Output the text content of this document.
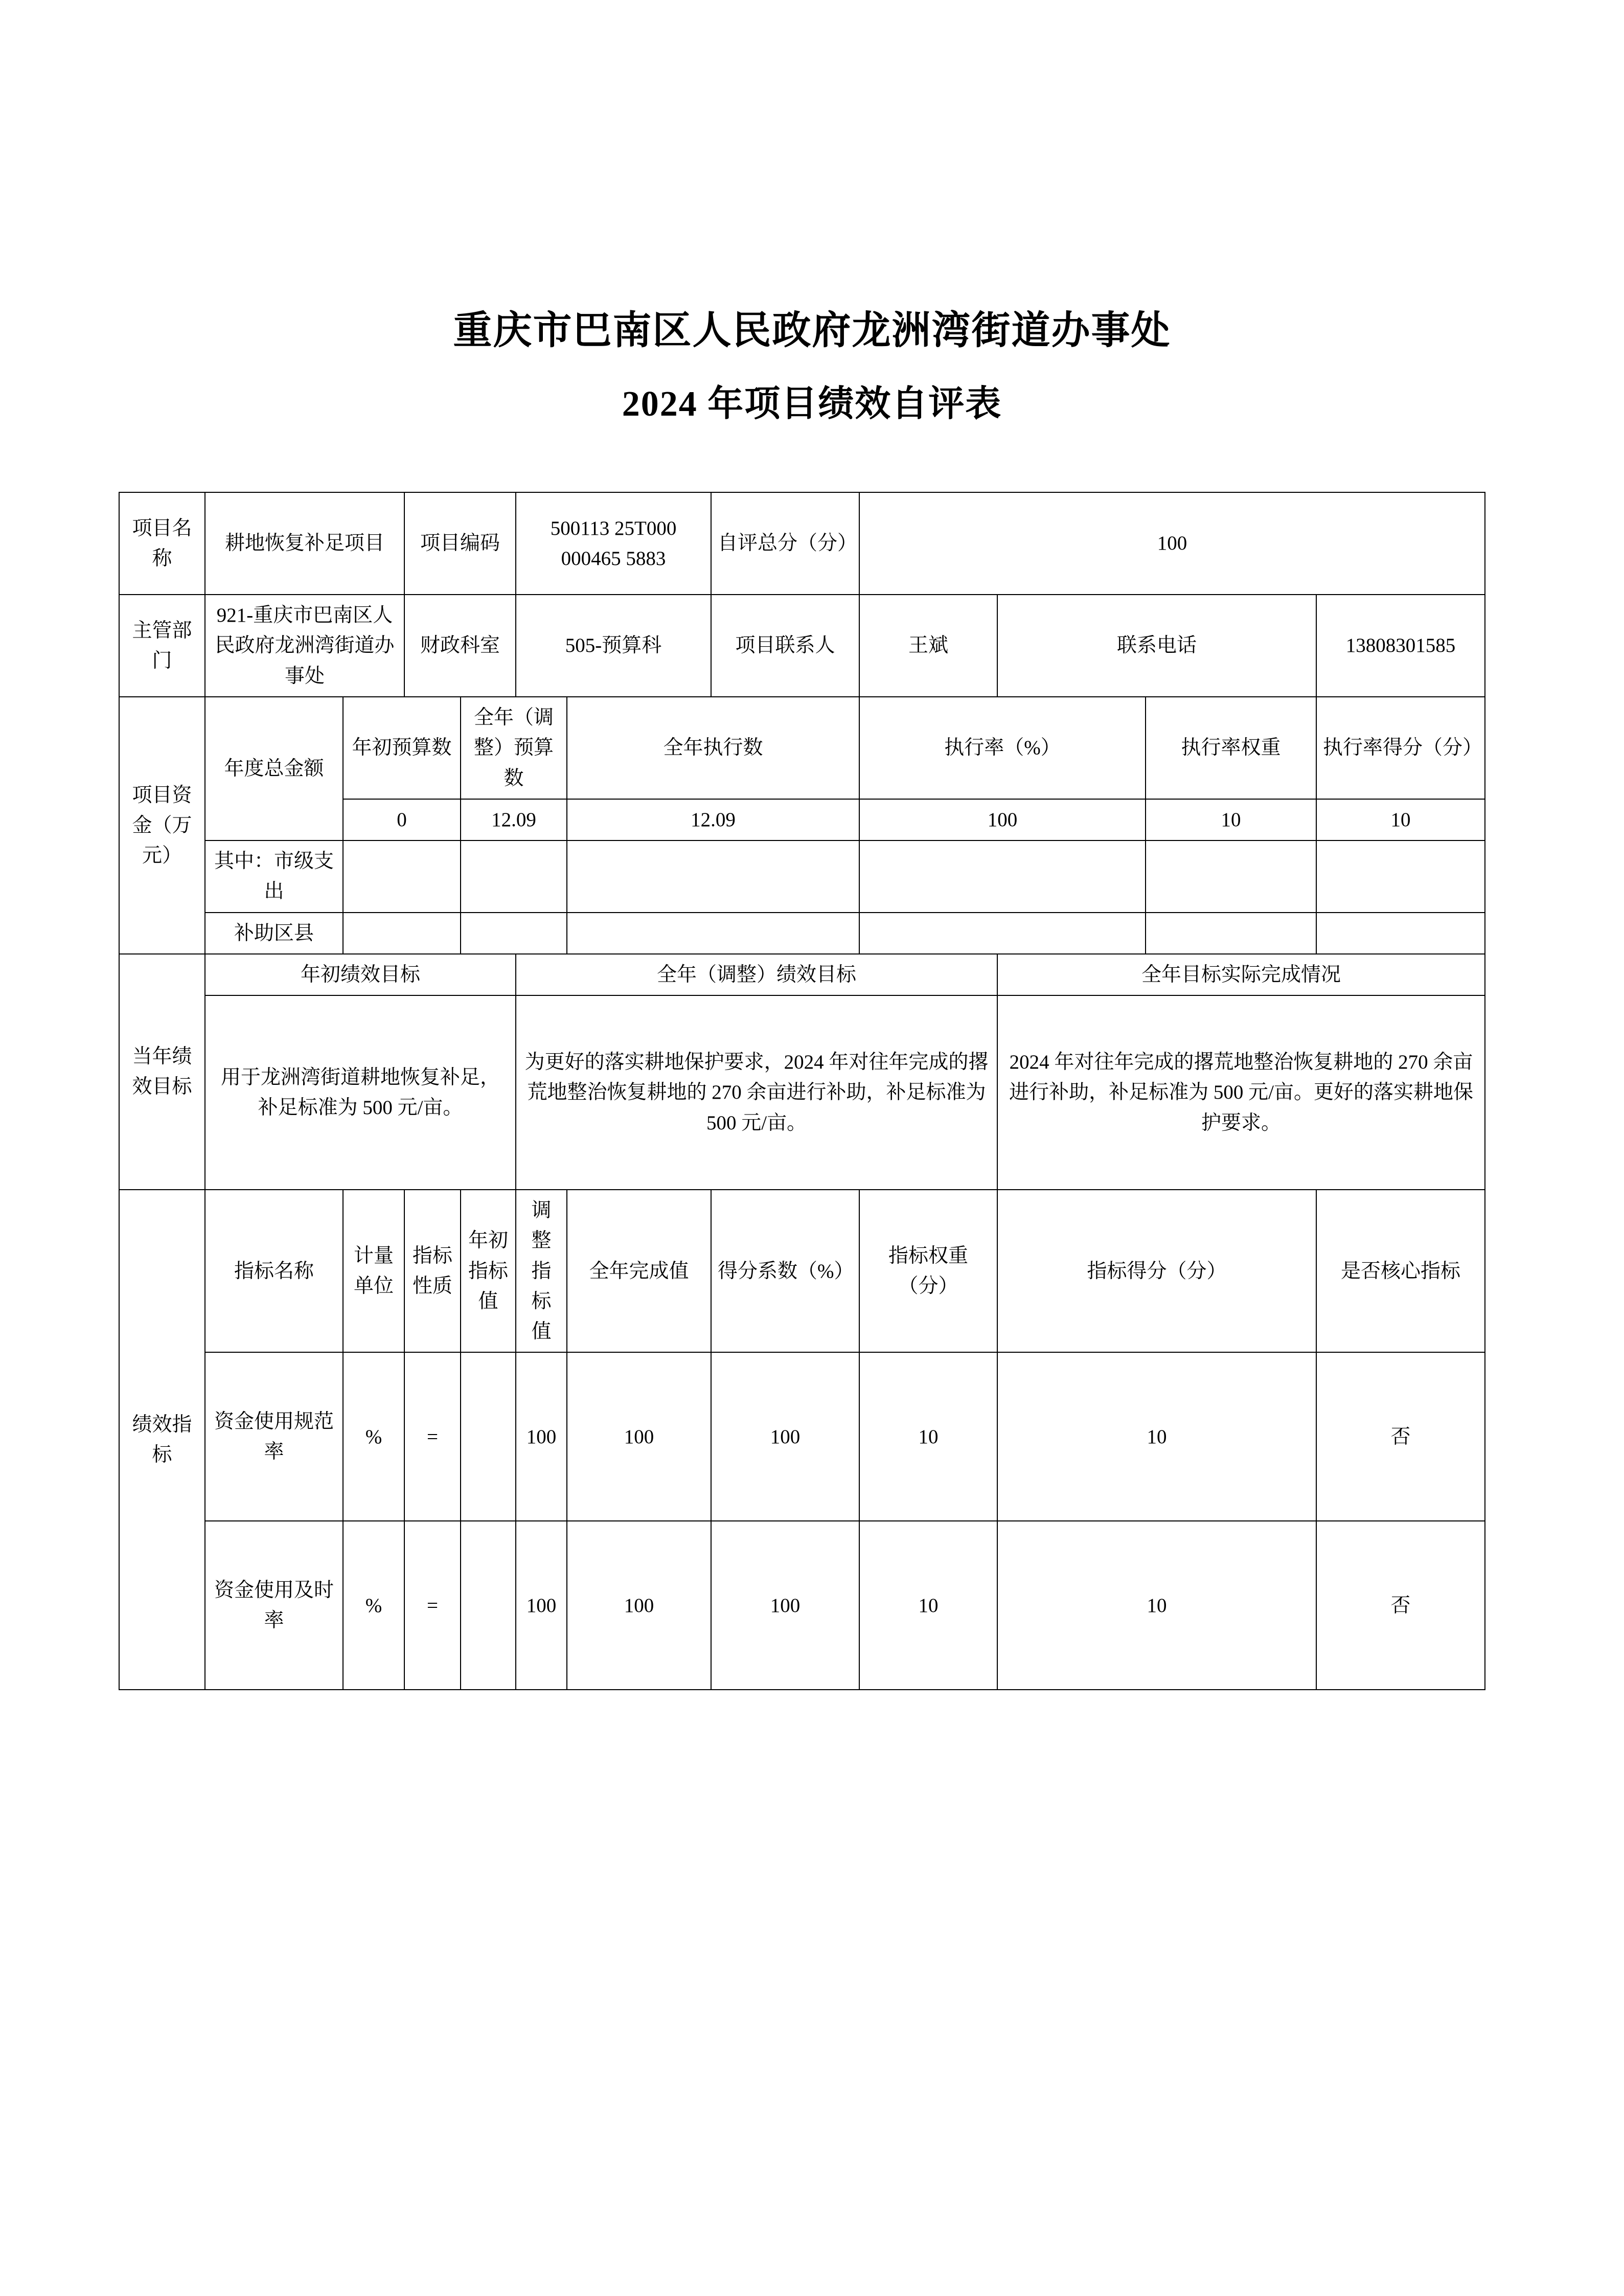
重庆市巴南区人民政府龙洲湾街道办事处
2024 年项目绩效自评表
项目名称	耕地恢复补足项目		项目编码		500113 25T000 000465 5883		自评总分（分）	100			
主管部门	921-重庆市巴南区人民政府龙洲湾街道办事处		财政科室		505-预算科		项目联系人	王斌	联系电话		13808301585
项目资金（万元）	年度总金额	年初预算数		全年（调整）预算数		全年执行数		执行率（%）		执行率权重	执行率得分（分）
		0		12.09		12.09		100		10	10
	其中：市级支出										
	补助区县										
当年绩效目标	年初绩效目标				全年（调整）绩效目标				全年目标实际完成情况		
	用于龙洲湾街道耕地恢复补足，补足标准为 500 元/亩。				为更好的落实耕地保护要求，2024 年对往年完成的撂荒地整治恢复耕地的 270 余亩进行补助，补足标准为 500 元/亩。				2024 年对往年完成的撂荒地整治恢复耕地的 270 余亩进行补助，补足标准为 500 元/亩。更好的落实耕地保护要求。		
绩效指标	指标名称	计量单位	指标性质	年初指标值	调整指标值	全年完成值	得分系数（%）	指标权重（分）	指标得分（分）		是否核心指标
	资金使用规范率	%	=		100	100	100	10	10		否
	资金使用及时率	%	=		100	100	100	10	10		否
